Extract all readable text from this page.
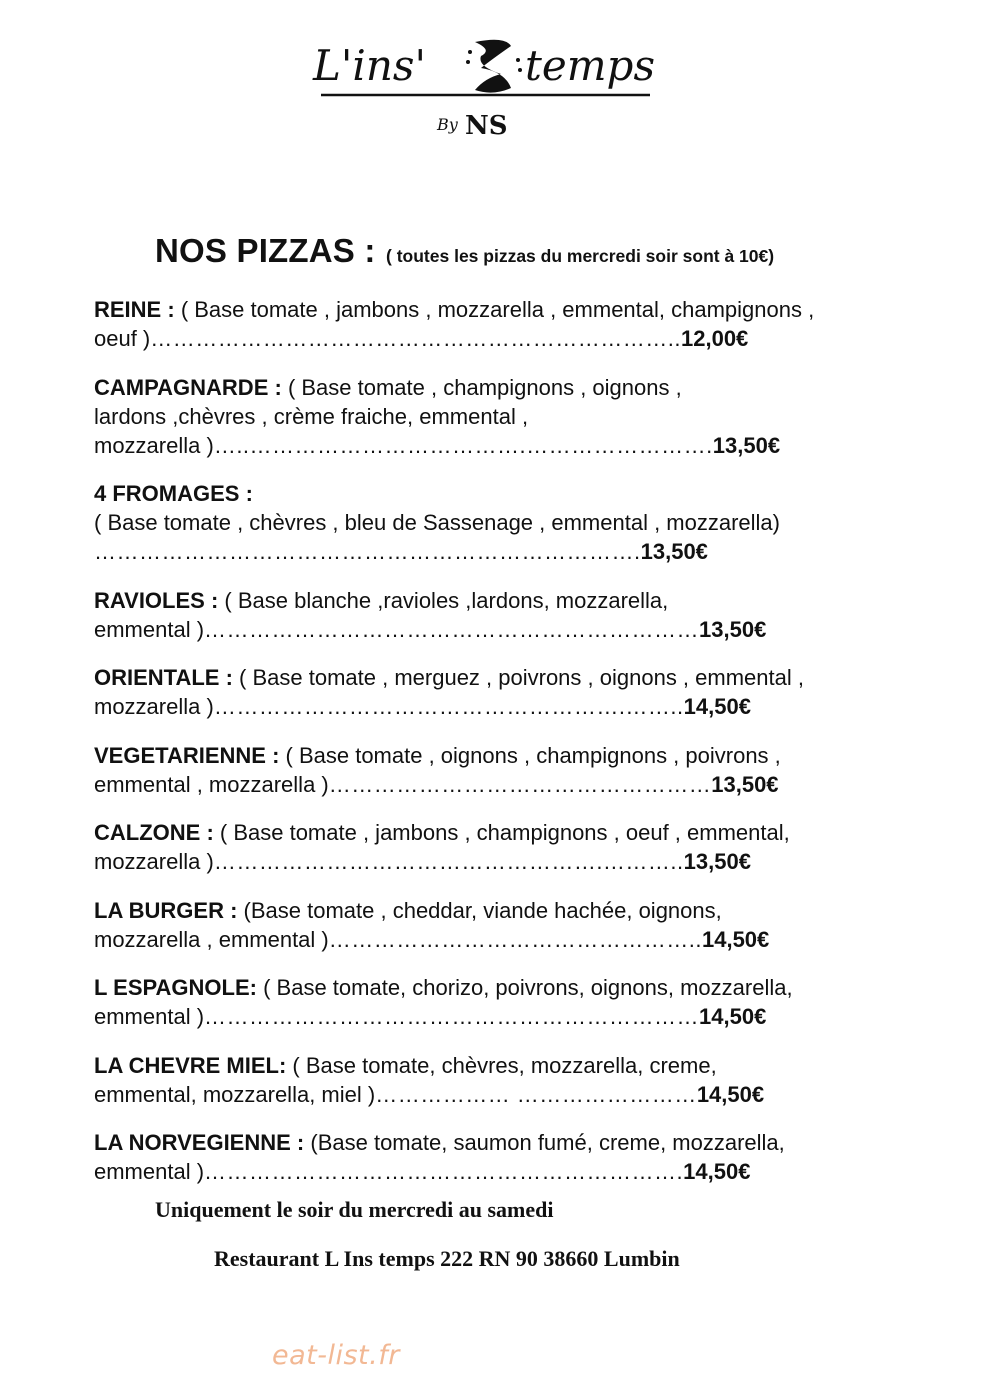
L'ins' temps
By NS
NOS PIZZAS : ( toutes les pizzas du mercredi soir sont à 10€)
REINE : ( Base tomate , jambons , mozzarella , emmental, champignons ,
oeuf )……………………………………………………………..12,00€
CAMPAGNARDE : ( Base tomate , champignons , oignons ,
lardons ,chèvres , crème fraiche, emmental ,
mozzarella )…..……………………………….…………………….13,50€
4 FROMAGES :
( Base tomate , chèvres , bleu de Sassenage , emmental , mozzarella)
……………………………………………………………….13,50€
RAVIOLES : ( Base blanche ,ravioles ,lardons, mozzarella,
emmental )…………………………………………………………13,50€
ORIENTALE : ( Base tomate , merguez , poivrons , oignons , emmental ,
mozzarella )……………………………………………….……..14,50€
VEGETARIENNE : ( Base tomate , oignons , champignons , poivrons ,
emmental , mozzarella )……………………………………………13,50€
CALZONE : ( Base tomate , jambons , champignons , oeuf , emmental,
mozzarella )…………………………………………….………..13,50€
LA BURGER : (Base tomate , cheddar, viande hachée, oignons,
mozzarella , emmental )…………………………………………..14,50€
L ESPAGNOLE: ( Base tomate, chorizo, poivrons, oignons, mozzarella,
emmental )…………………………………………………………14,50€
LA CHEVRE MIEL: ( Base tomate, chèvres, mozzarella, creme,
emmental, mozzarella, miel )……………… ……………………14,50€
LA NORVEGIENNE : (Base tomate, saumon fumé, creme, mozzarella,
emmental )……………………………………………………….14,50€
Uniquement le soir du mercredi au samedi
Restaurant L Ins temps 222 RN 90 38660 Lumbin
eat-list.fr
